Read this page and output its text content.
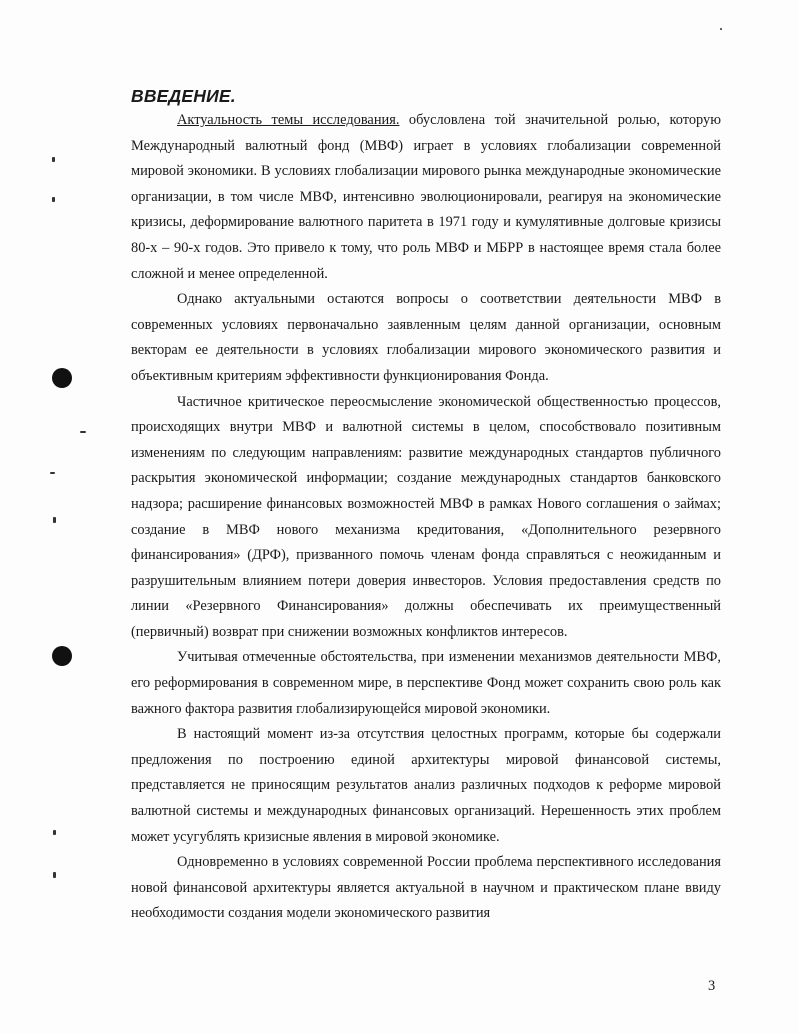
ВВЕДЕНИЕ.

Актуальность темы исследования. обусловлена той значительной ролью, которую Международный валютный фонд (МВФ) играет в условиях глобализации современной мировой экономики. В условиях глобализации мирового рынка международные экономические организации, в том числе МВФ, интенсивно эволюционировали, реагируя на экономические кризисы, деформирование валютного паритета в 1971 году и кумулятивные долговые кризисы 80-х – 90-х годов. Это привело к тому, что роль МВФ и МБРР в настоящее время стала более сложной и менее определенной.

Однако актуальными остаются вопросы о соответствии деятельности МВФ в современных условиях первоначально заявленным целям данной организации, основным векторам ее деятельности в условиях глобализации мирового экономического развития и объективным критериям эффективности функционирования Фонда.

Частичное критическое переосмысление экономической общественностью процессов, происходящих внутри МВФ и валютной системы в целом, способствовало позитивным изменениям по следующим направлениям: развитие международных стандартов публичного раскрытия экономической информации; создание международных стандартов банковского надзора; расширение финансовых возможностей МВФ в рамках Нового соглашения о займах; создание в МВФ нового механизма кредитования, «Дополнительного резервного финансирования» (ДРФ), призванного помочь членам фонда справляться с неожиданным и разрушительным влиянием потери доверия инвесторов. Условия предоставления средств по линии «Резервного Финансирования» должны обеспечивать их преимущественный (первичный) возврат при снижении возможных конфликтов интересов.

Учитывая отмеченные обстоятельства, при изменении механизмов деятельности МВФ, его реформирования в современном мире, в перспективе Фонд может сохранить свою роль как важного фактора развития глобализирующейся мировой экономики.

В настоящий момент из-за отсутствия целостных программ, которые бы содержали предложения по построению единой архитектуры мировой финансовой системы, представляется не приносящим результатов анализ различных подходов к реформе мировой валютной системы и международных финансовых организаций. Нерешенность этих проблем может усугублять кризисные явления в мировой экономике.

Одновременно в условиях современной России проблема перспективного исследования новой финансовой архитектуры является актуальной в научном и практическом плане ввиду необходимости создания модели экономического развития

3
